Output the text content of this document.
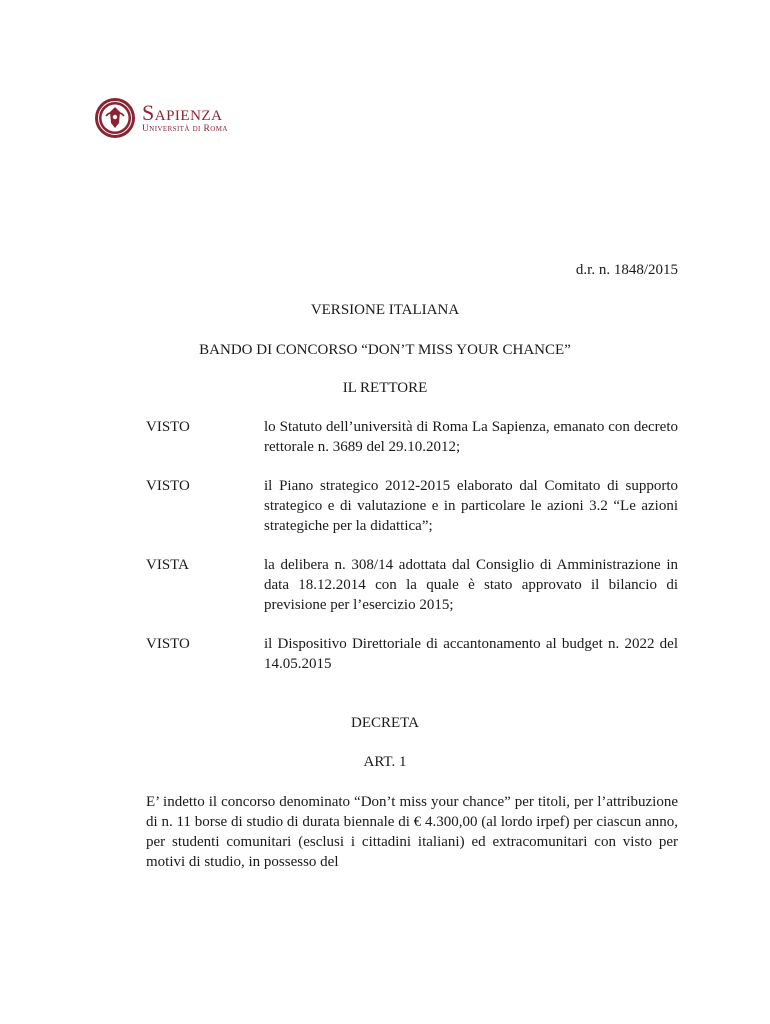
Sapienza
Università di Roma
d.r. n. 1848/2015
VERSIONE ITALIANA
BANDO DI CONCORSO “DON’T MISS YOUR CHANCE”
IL RETTORE
VISTO	lo Statuto dell’università di Roma La Sapienza, emanato con decreto rettorale n. 3689 del 29.10.2012;
VISTO	il Piano strategico 2012-2015 elaborato dal Comitato di supporto strategico e di valutazione e in particolare le azioni 3.2 “Le azioni strategiche per la didattica”;
VISTA	la delibera n. 308/14 adottata dal Consiglio di Amministrazione in data 18.12.2014 con la quale è stato approvato il bilancio di previsione per l’esercizio 2015;
VISTO	il Dispositivo Direttoriale di accantonamento al budget n. 2022 del 14.05.2015
DECRETA
ART. 1
E’ indetto il concorso denominato “Don’t miss your chance” per titoli, per l’attribuzione di n. 11 borse di studio di durata biennale di € 4.300,00 (al lordo irpef) per ciascun anno, per studenti comunitari (esclusi i cittadini italiani) ed extracomunitari con visto per motivi di studio, in possesso del
